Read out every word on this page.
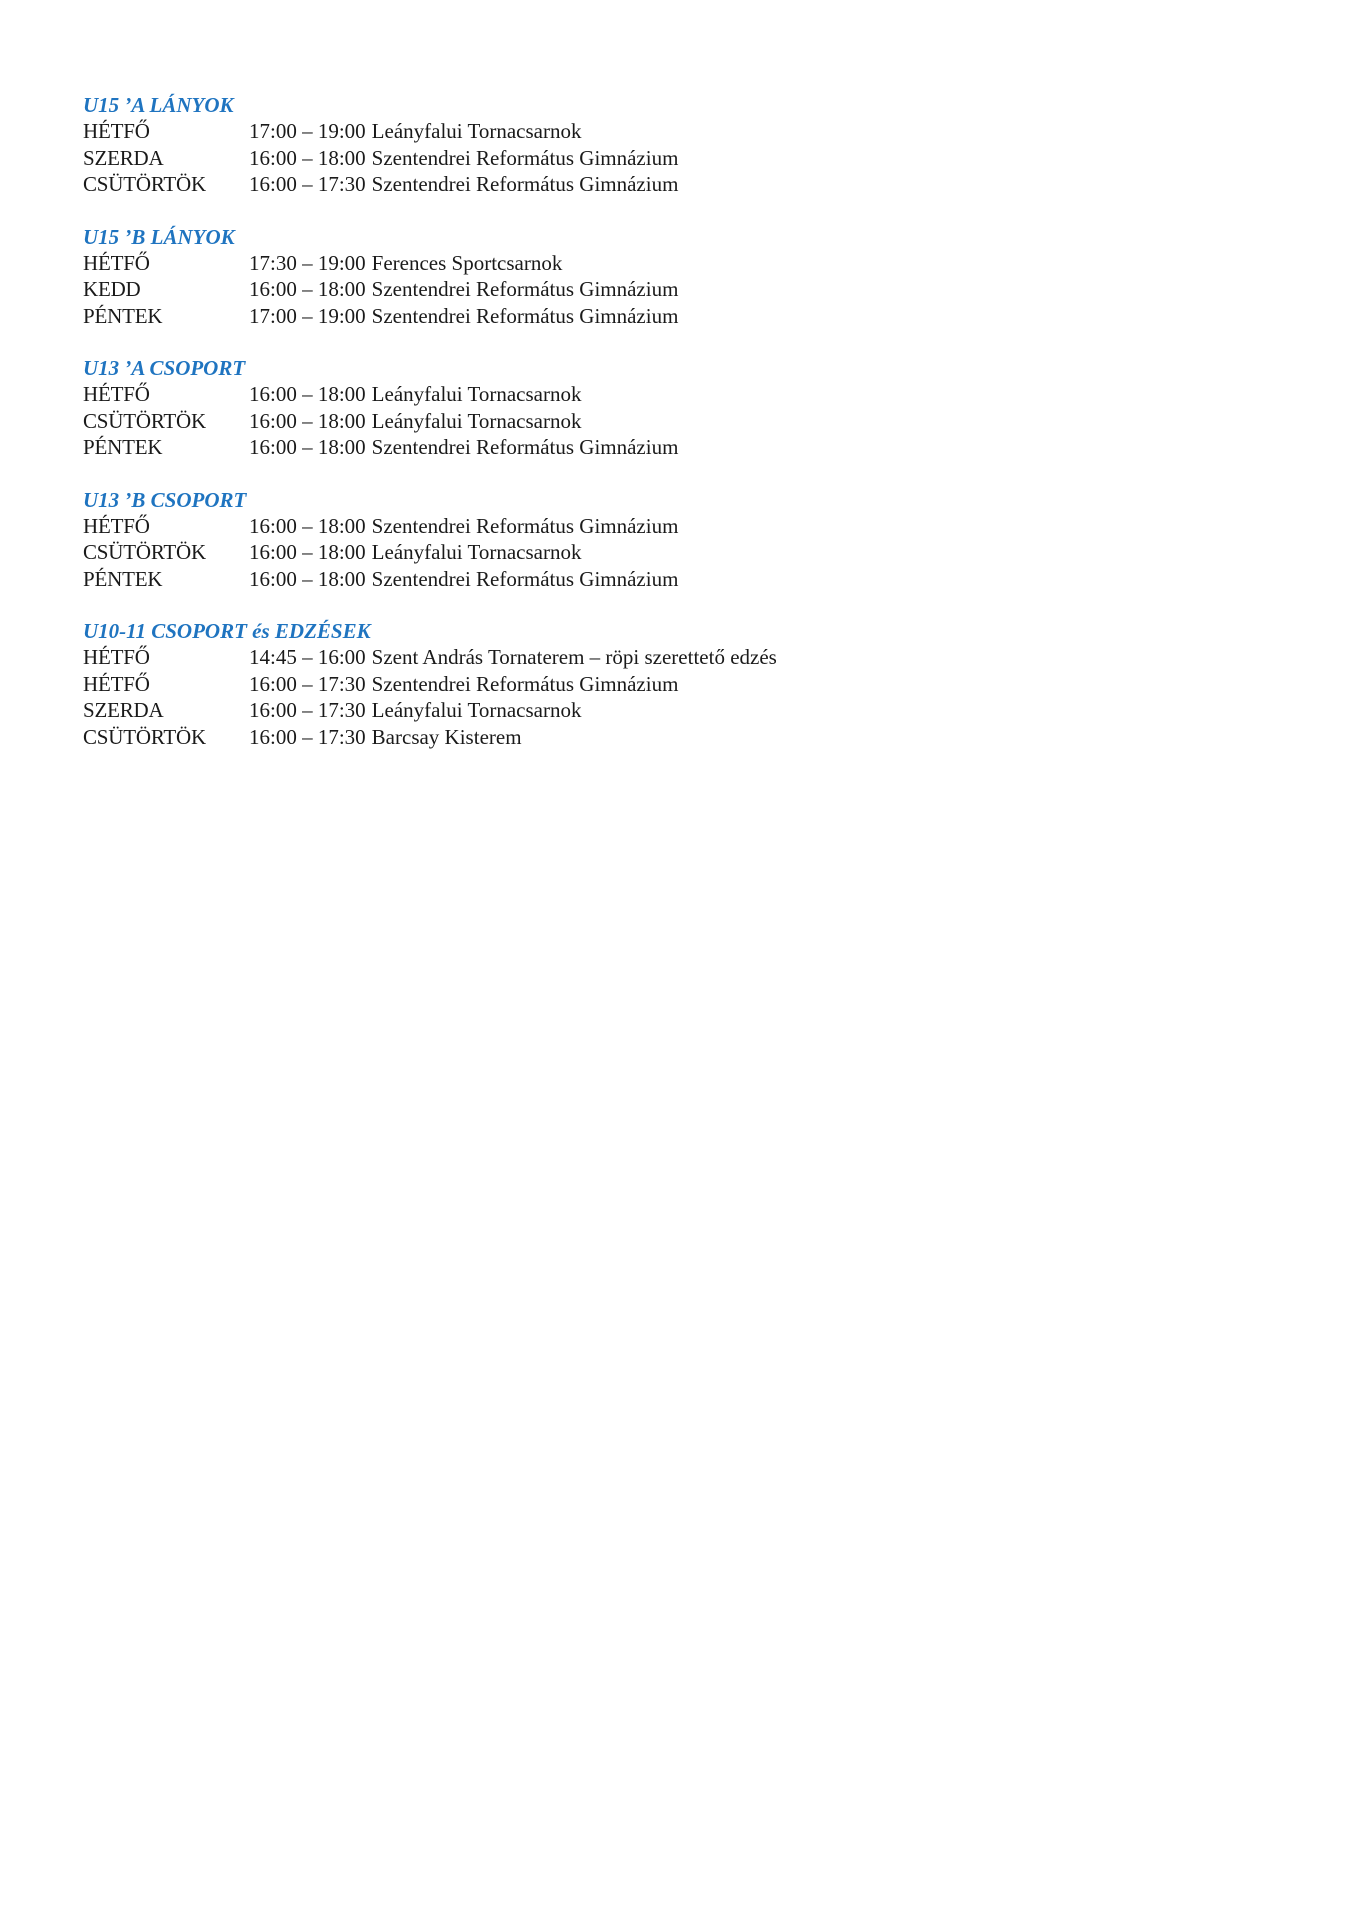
U15 ’A LÁNYOK
HÉTFŐ	17:00 – 19:00 Leányfalui Tornacsarnok
SZERDA	16:00 – 18:00 Szentendrei Református Gimnázium
CSÜTÖRTÖK	16:00 – 17:30 Szentendrei Református Gimnázium
U15 ’B LÁNYOK
HÉTFŐ	17:30 – 19:00 Ferences Sportcsarnok
KEDD	16:00 – 18:00 Szentendrei Református Gimnázium
PÉNTEK	17:00 – 19:00 Szentendrei Református Gimnázium
U13 ’A CSOPORT
HÉTFŐ	16:00 – 18:00 Leányfalui Tornacsarnok
CSÜTÖRTÖK	16:00 – 18:00 Leányfalui Tornacsarnok
PÉNTEK	16:00 – 18:00 Szentendrei Református Gimnázium
U13 ’B CSOPORT
HÉTFŐ	16:00 – 18:00 Szentendrei Református Gimnázium
CSÜTÖRTÖK	16:00 – 18:00 Leányfalui Tornacsarnok
PÉNTEK	16:00 – 18:00 Szentendrei Református Gimnázium
U10-11 CSOPORT és EDZÉSEK
HÉTFŐ	14:45 – 16:00 Szent András Tornaterem – röpi szerettető edzés
HÉTFŐ	16:00 – 17:30 Szentendrei Református Gimnázium
SZERDA	16:00 – 17:30 Leányfalui Tornacsarnok
CSÜTÖRTÖK	16:00 – 17:30 Barcsay Kisterem
